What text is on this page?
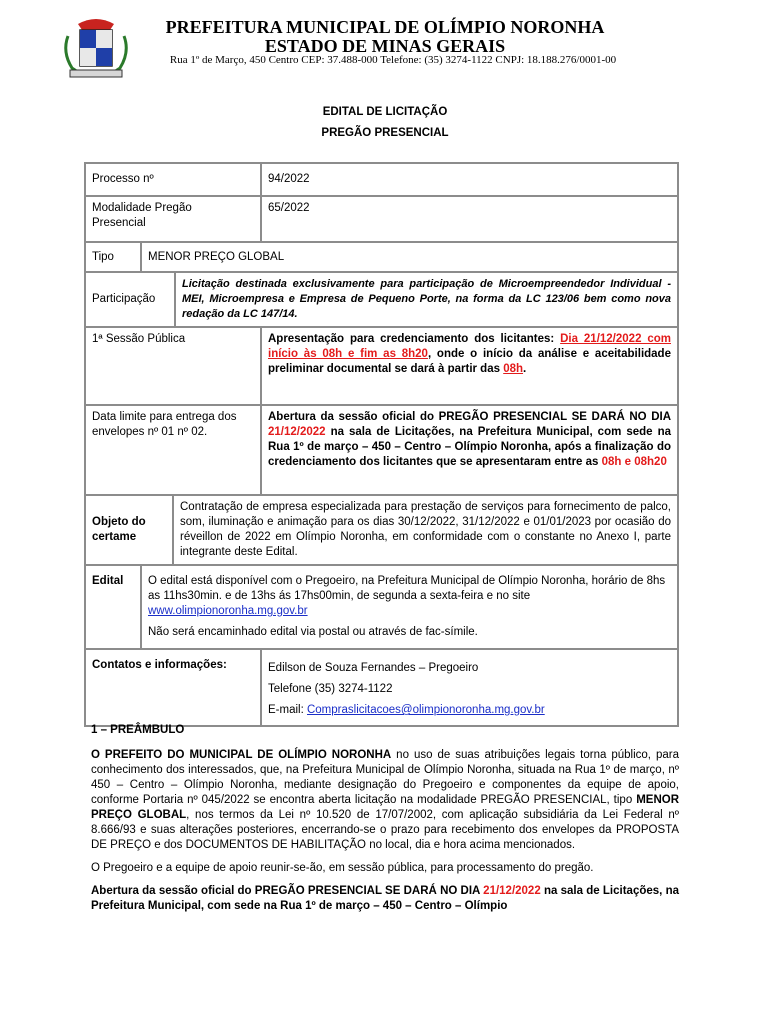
PREFEITURA MUNICIPAL DE OLÍMPIO NORONHA
ESTADO DE MINAS GERAIS
Rua 1º de Março, 450 Centro CEP: 37.488-000 Telefone: (35) 3274-1122 CNPJ: 18.188.276/0001-00
EDITAL DE LICITAÇÃO
PREGÃO PRESENCIAL
Processo nº				94/2022
Modalidade Pregão Presencial				65/2022
Tipo	MENOR PREÇO GLOBAL			
Participação			Licitação destinada exclusivamente para participação de Microempreendedor Individual - MEI, Microempresa e Empresa de Pequeno Porte, na forma da LC 123/06 bem como nova redação da LC 147/14.	
1ª Sessão Pública				Apresentação para credenciamento dos licitantes: Dia 21/12/2022 com início às 08h e fim as 8h20, onde o início da análise e aceitabilidade preliminar documental se dará à partir das 08h.
Data limite para entrega dos envelopes nº 01 nº 02.				Abertura da sessão oficial do PREGÃO PRESENCIAL SE DARÁ NO DIA 21/12/2022 na sala de Licitações, na Prefeitura Municipal, com sede na Rua 1º de março – 450 – Centro – Olímpio Noronha, após a finalização do credenciamento dos licitantes que se apresentaram entre as 08h e 08h20
Objeto do certame		Contratação de empresa especializada para prestação de serviços para fornecimento de palco, som, iluminação e animação para os dias 30/12/2022, 31/12/2022 e 01/01/2023 por ocasião do réveillon de 2022 em Olímpio Noronha, em conformidade com o constante no Anexo I, parte integrante deste Edital.		
Edital	O edital está disponível com o Pregoeiro, na Prefeitura Municipal de Olímpio Noronha, horário de 8hs as 11hs30min. e de 13hs ás 17hs00min, de segunda a sexta-feira e no site www.olimpionoronha.mg.gov.br

Não será encaminhado edital via postal ou através de fac-símile.			

Contatos e informações:				Edilson de Souza Fernandes – Pregoeiro
Telefone (35) 3274-1122
E-mail: Compraslicitacoes@olimpionoronha.mg.gov.br

1 – PREÂMBULO

O PREFEITO DO MUNICIPAL DE OLÍMPIO NORONHA no uso de suas atribuições legais torna público, para conhecimento dos interessados, que, na Prefeitura Municipal de Olímpio Noronha, situada na Rua 1º de março, nº 450 – Centro – Olímpio Noronha, mediante designação do Pregoeiro e componentes da equipe de apoio, conforme Portaria nº 045/2022 se encontra aberta licitação na modalidade PREGÃO PRESENCIAL, tipo MENOR PREÇO GLOBAL, nos termos da Lei nº 10.520 de 17/07/2002, com aplicação subsidiária da Lei Federal nº 8.666/93 e suas alterações posteriores, encerrando-se o prazo para recebimento dos envelopes da PROPOSTA DE PREÇO e dos DOCUMENTOS DE HABILITAÇÃO no local, dia e hora acima mencionados.

O Pregoeiro e a equipe de apoio reunir-se-ão, em sessão pública, para processamento do pregão.

Abertura da sessão oficial do PREGÃO PRESENCIAL SE DARÁ NO DIA 21/12/2022 na sala de Licitações, na Prefeitura Municipal, com sede na Rua 1º de março – 450 – Centro – Olímpio
